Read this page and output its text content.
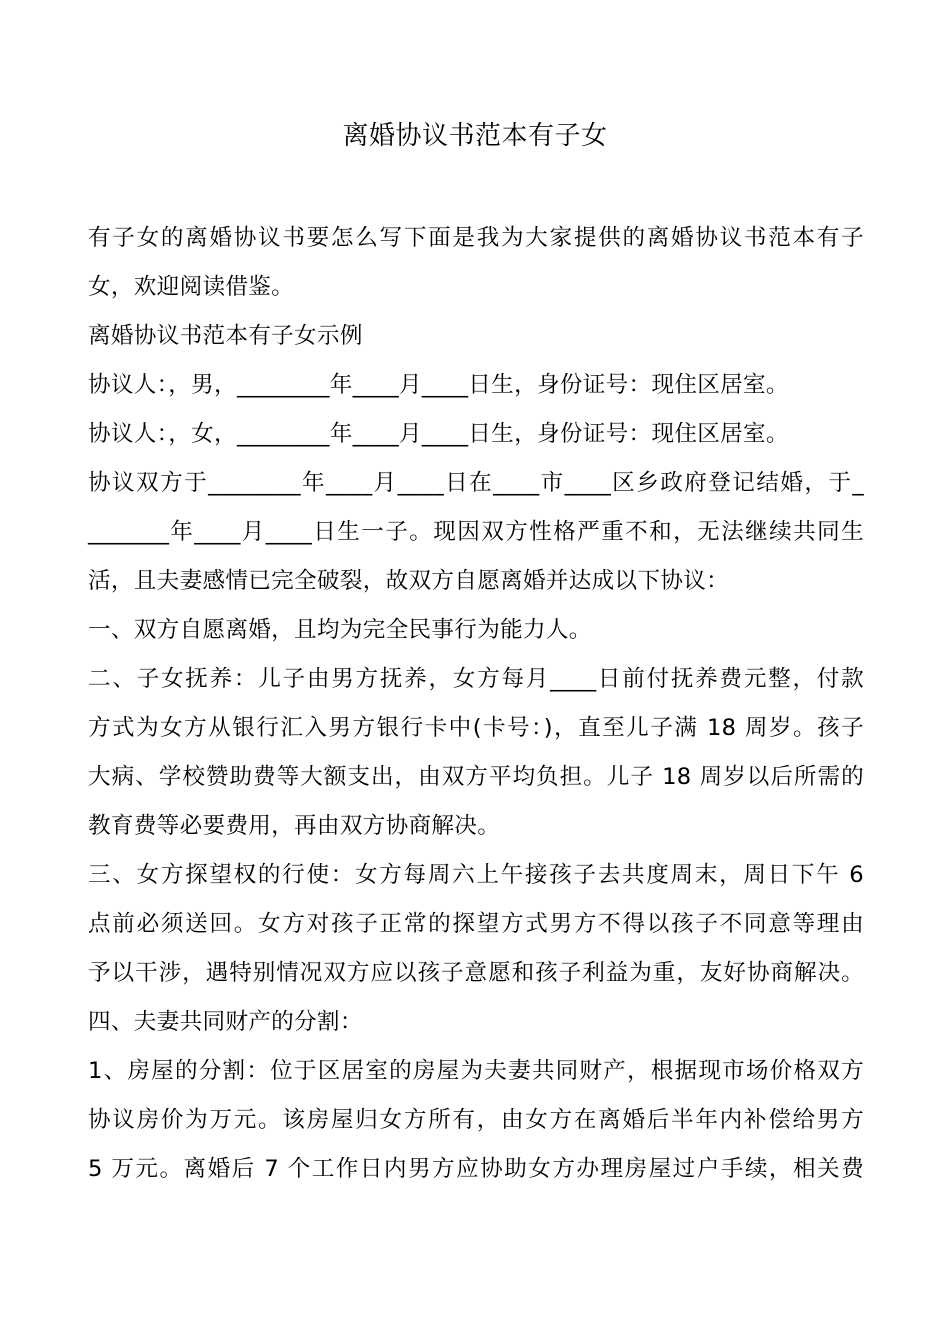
离婚协议书范本有子女
有子女的离婚协议书要怎么写下面是我为大家提供的离婚协议书范本有子
女，欢迎阅读借鉴。
离婚协议书范本有子女示例
协议人：，男，________年____月____日生，身份证号：现住区居室。
协议人：，女，________年____月____日生，身份证号：现住区居室。
协议双方于________年____月____日在____市____区乡政府登记结婚，于_
_______年____月____日生一子。现因双方性格严重不和，无法继续共同生
活，且夫妻感情已完全破裂，故双方自愿离婚并达成以下协议：
一、双方自愿离婚，且均为完全民事行为能力人。
二、子女抚养：儿子由男方抚养，女方每月____日前付抚养费元整，付款
方式为女方从银行汇入男方银行卡中(卡号：)，直至儿子满 18 周岁。孩子
大病、学校赞助费等大额支出，由双方平均负担。儿子 18 周岁以后所需的
教育费等必要费用，再由双方协商解决。
三、女方探望权的行使：女方每周六上午接孩子去共度周末，周日下午 6
点前必须送回。女方对孩子正常的探望方式男方不得以孩子不同意等理由
予以干涉，遇特别情况双方应以孩子意愿和孩子利益为重，友好协商解决。
四、夫妻共同财产的分割：
1、房屋的分割：位于区居室的房屋为夫妻共同财产，根据现市场价格双方
协议房价为万元。该房屋归女方所有，由女方在离婚后半年内补偿给男方
5 万元。离婚后 7 个工作日内男方应协助女方办理房屋过户手续，相关费
